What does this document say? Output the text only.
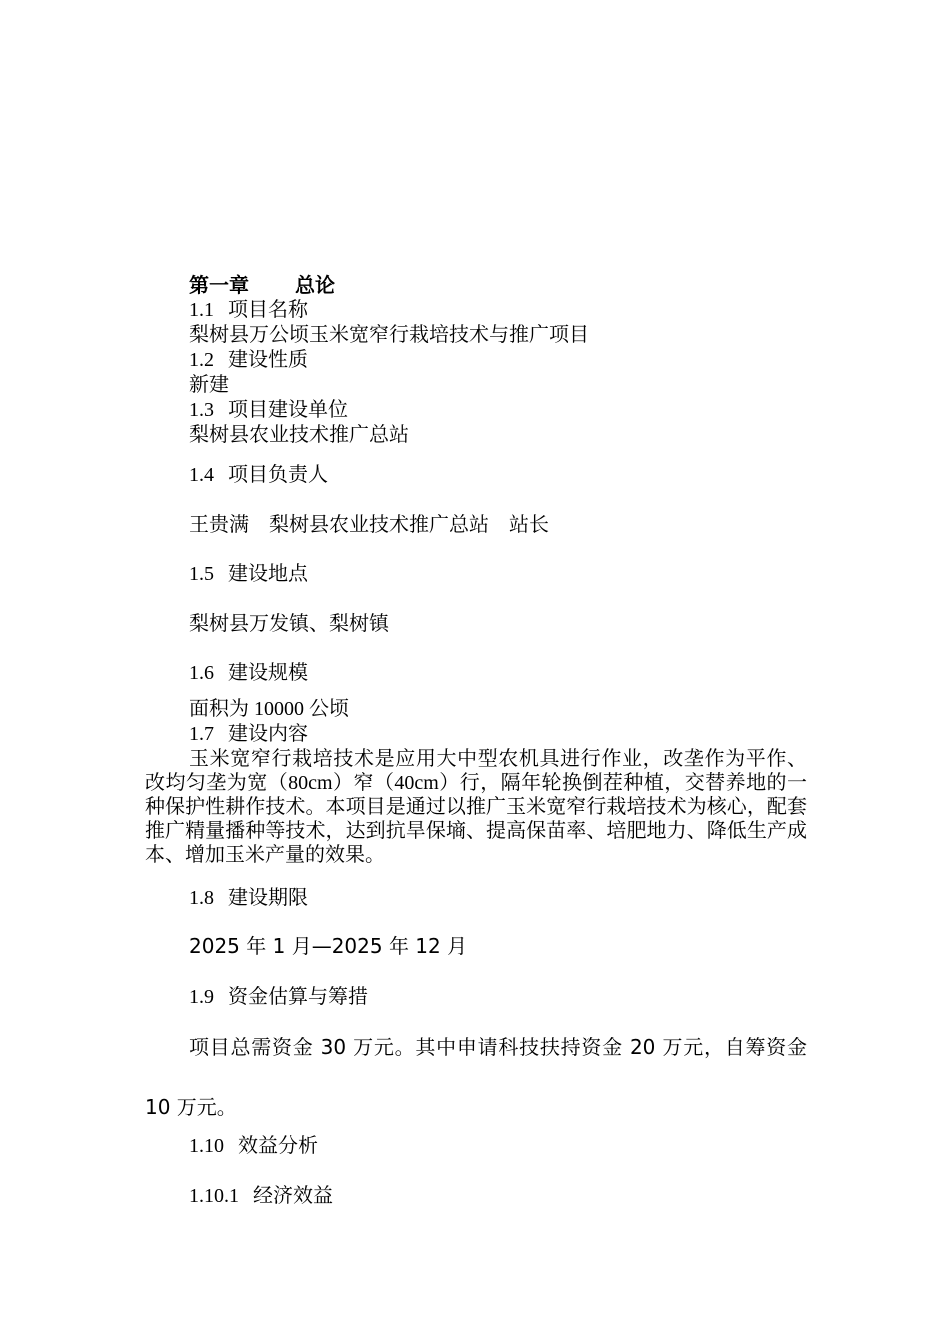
第一章 总论
1.1 项目名称
梨树县万公顷玉米宽窄行栽培技术与推广项目
1.2 建设性质
新建
1.3 项目建设单位
梨树县农业技术推广总站
1.4 项目负责人
王贵满　梨树县农业技术推广总站　站长
1.5 建设地点
梨树县万发镇、梨树镇
1.6 建设规模
面积为 10000 公顷
1.7 建设内容
玉米宽窄行栽培技术是应用大中型农机具进行作业，改垄作为平作、改均匀垄为宽（80cm）窄（40cm）行，隔年轮换倒茬种植，交替养地的一种保护性耕作技术。本项目是通过以推广玉米宽窄行栽培技术为核心，配套推广精量播种等技术，达到抗旱保墒、提高保苗率、培肥地力、降低生产成本、增加玉米产量的效果。
1.8 建设期限
2025 年 1 月—2025 年 12 月
1.9 资金估算与筹措
项目总需资金 30 万元。其中申请科技扶持资金 20 万元，自筹资金 10 万元。
1.10 效益分析
1.10.1 经济效益
